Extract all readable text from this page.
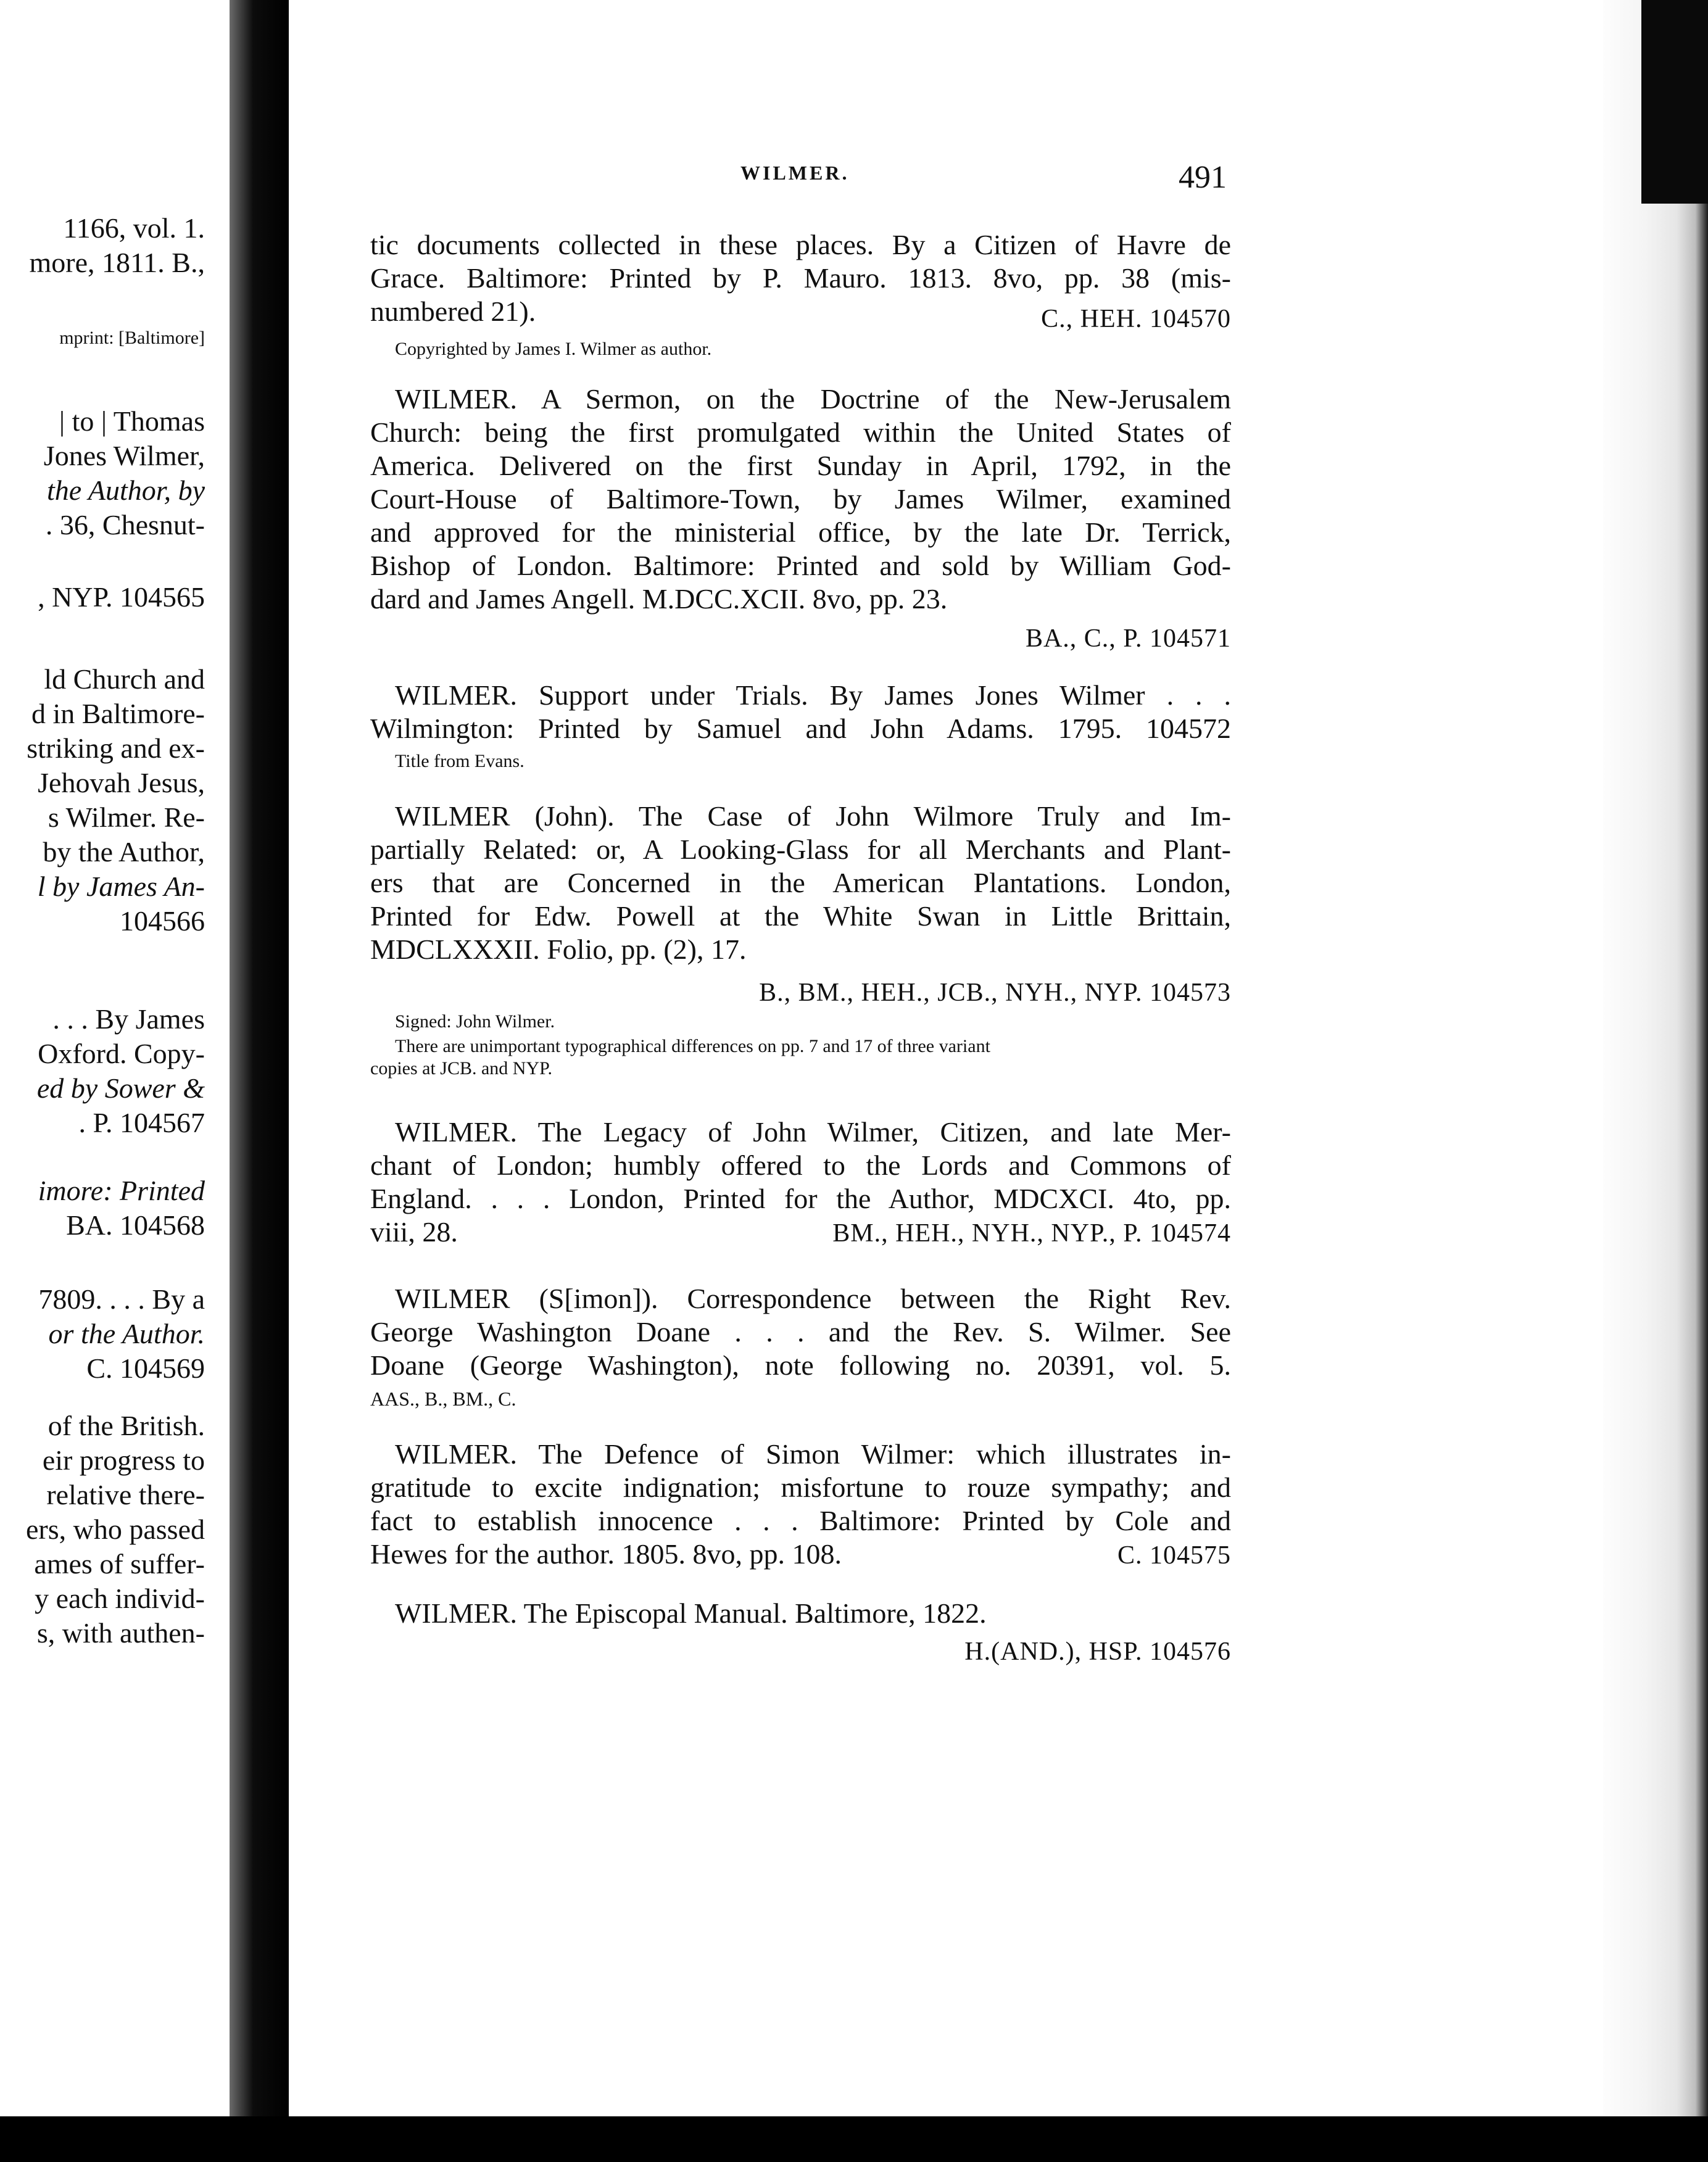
1166, vol. 1.
more, 1811. B.,
mprint: [Baltimore]
| to | Thomas
Jones Wilmer,
the Author, by
. 36, Chesnut-
, NYP. 104565
ld Church and
d in Baltimore-
striking and ex-
Jehovah Jesus,
s Wilmer. Re-
by the Author,
l by James An-
104566
. . . By James
Oxford. Copy-
ed by Sower &
. P. 104567
imore: Printed
BA. 104568
7809. . . . By a
or the Author.
C. 104569
of the British.
eir progress to
relative there-
ers, who passed
ames of suffer-
y each individ-
s, with authen-
WILMER.	491
tic documents collected in these places. By a Citizen of Havre de
Grace. Baltimore: Printed by P. Mauro. 1813. 8vo, pp. 38 (mis-
numbered 21).	C., HEH. 104570
Copyrighted by James I. Wilmer as author.
WILMER. A Sermon, on the Doctrine of the New-Jerusalem
Church: being the first promulgated within the United States of
America. Delivered on the first Sunday in April, 1792, in the
Court-House of Baltimore-Town, by James Wilmer, examined
and approved for the ministerial office, by the late Dr. Terrick,
Bishop of London. Baltimore: Printed and sold by William God-
dard and James Angell. M.DCC.XCII. 8vo, pp. 23.
BA., C., P. 104571
WILMER. Support under Trials. By James Jones Wilmer . . .
Wilmington: Printed by Samuel and John Adams. 1795. 104572
Title from Evans.
WILMER (John). The Case of John Wilmore Truly and Im-
partially Related: or, A Looking-Glass for all Merchants and Plant-
ers that are Concerned in the American Plantations. London,
Printed for Edw. Powell at the White Swan in Little Brittain,
MDCLXXXII. Folio, pp. (2), 17.
B., BM., HEH., JCB., NYH., NYP. 104573
Signed: John Wilmer.
There are unimportant typographical differences on pp. 7 and 17 of three variant
copies at JCB. and NYP.
WILMER. The Legacy of John Wilmer, Citizen, and late Mer-
chant of London; humbly offered to the Lords and Commons of
England. . . . London, Printed for the Author, MDCXCI. 4to, pp.
viii, 28.	BM., HEH., NYH., NYP., P. 104574
WILMER (S[imon]). Correspondence between the Right Rev.
George Washington Doane . . . and the Rev. S. Wilmer. See
Doane (George Washington), note following no. 20391, vol. 5.
AAS., B., BM., C.
WILMER. The Defence of Simon Wilmer: which illustrates in-
gratitude to excite indignation; misfortune to rouze sympathy; and
fact to establish innocence . . . Baltimore: Printed by Cole and
Hewes for the author. 1805. 8vo, pp. 108.	C. 104575
WILMER. The Episcopal Manual. Baltimore, 1822.
H.(AND.), HSP. 104576
